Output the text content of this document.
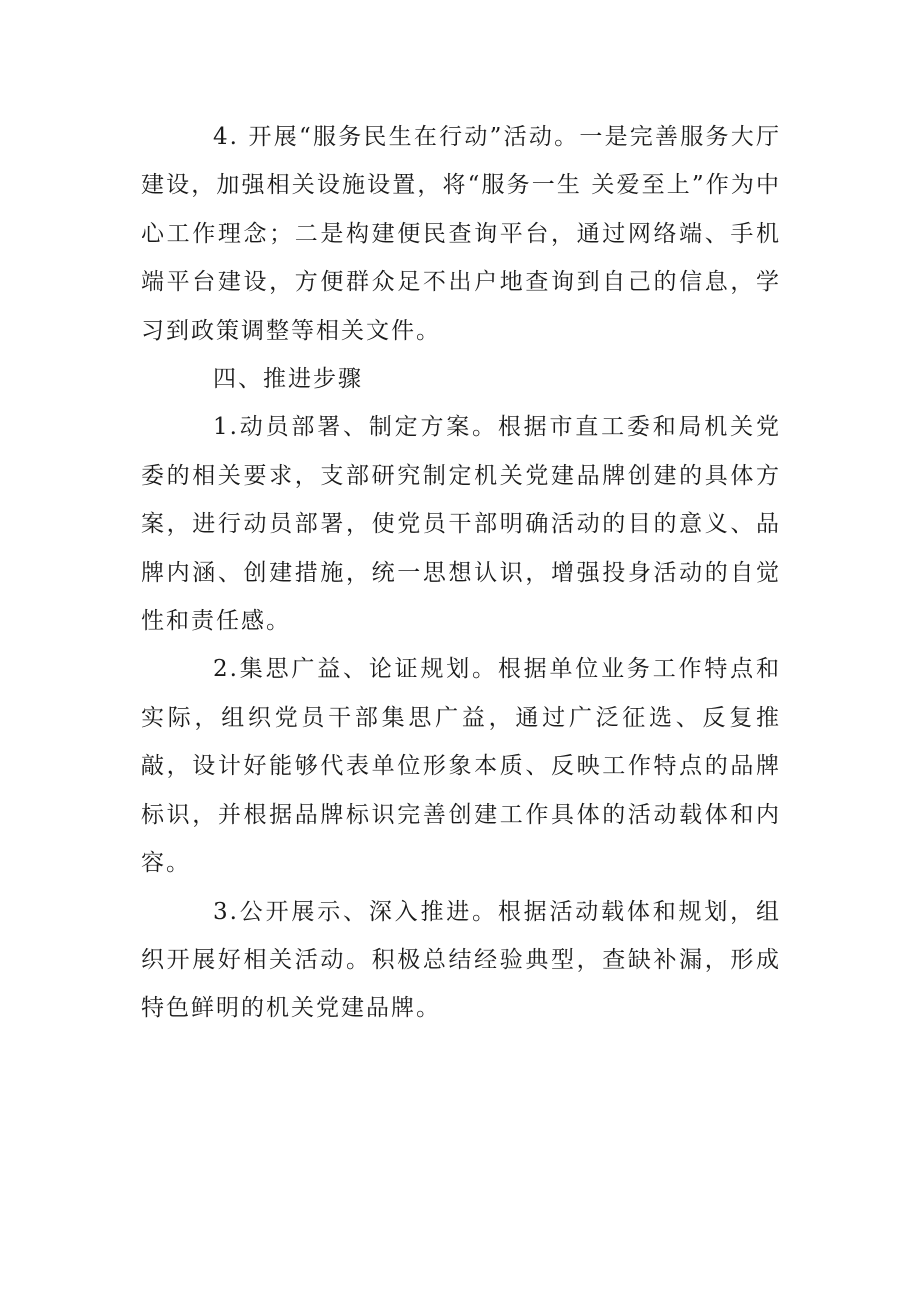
4. 开展“服务民生在行动”活动。一是完善服务大厅建设，加强相关设施设置，将“服务一生 关爱至上”作为中心工作理念；二是构建便民查询平台，通过网络端、手机端平台建设，方便群众足不出户地查询到自己的信息，学习到政策调整等相关文件。

四、推进步骤

1.动员部署、制定方案。根据市直工委和局机关党委的相关要求，支部研究制定机关党建品牌创建的具体方案，进行动员部署，使党员干部明确活动的目的意义、品牌内涵、创建措施，统一思想认识，增强投身活动的自觉性和责任感。

2.集思广益、论证规划。根据单位业务工作特点和实际，组织党员干部集思广益，通过广泛征选、反复推敲，设计好能够代表单位形象本质、反映工作特点的品牌标识，并根据品牌标识完善创建工作具体的活动载体和内容。

3.公开展示、深入推进。根据活动载体和规划，组织开展好相关活动。积极总结经验典型，查缺补漏，形成特色鲜明的机关党建品牌。
